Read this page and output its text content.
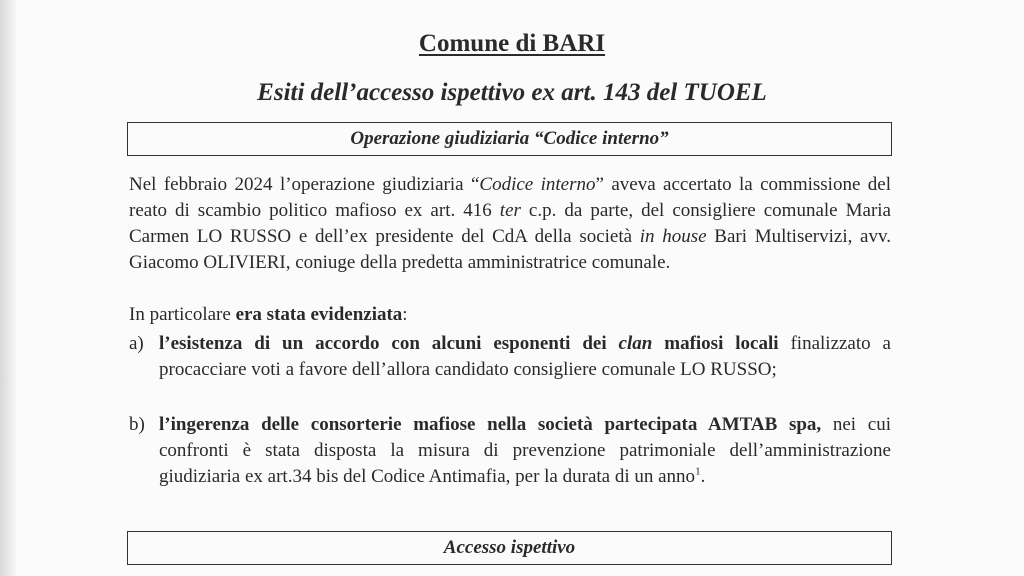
Comune di BARI
Esiti dell’accesso ispettivo ex art. 143 del TUOEL
Operazione giudiziaria “Codice interno”
Nel febbraio 2024 l’operazione giudiziaria “Codice interno” aveva accertato la commissione del reato di scambio politico mafioso ex art. 416 ter c.p. da parte, del consigliere comunale Maria Carmen LO RUSSO e dell’ex presidente del CdA della società in house Bari Multiservizi, avv. Giacomo OLIVIERI, coniuge della predetta amministratrice comunale.
In particolare era stata evidenziata:
a) l’esistenza di un accordo con alcuni esponenti dei clan mafiosi locali finalizzato a procacciare voti a favore dell’allora candidato consigliere comunale LO RUSSO;
b) l’ingerenza delle consorterie mafiose nella società partecipata AMTAB spa, nei cui confronti è stata disposta la misura di prevenzione patrimoniale dell’amministrazione giudiziaria ex art.34 bis del Codice Antimafia, per la durata di un anno$^1$.
Accesso ispettivo
